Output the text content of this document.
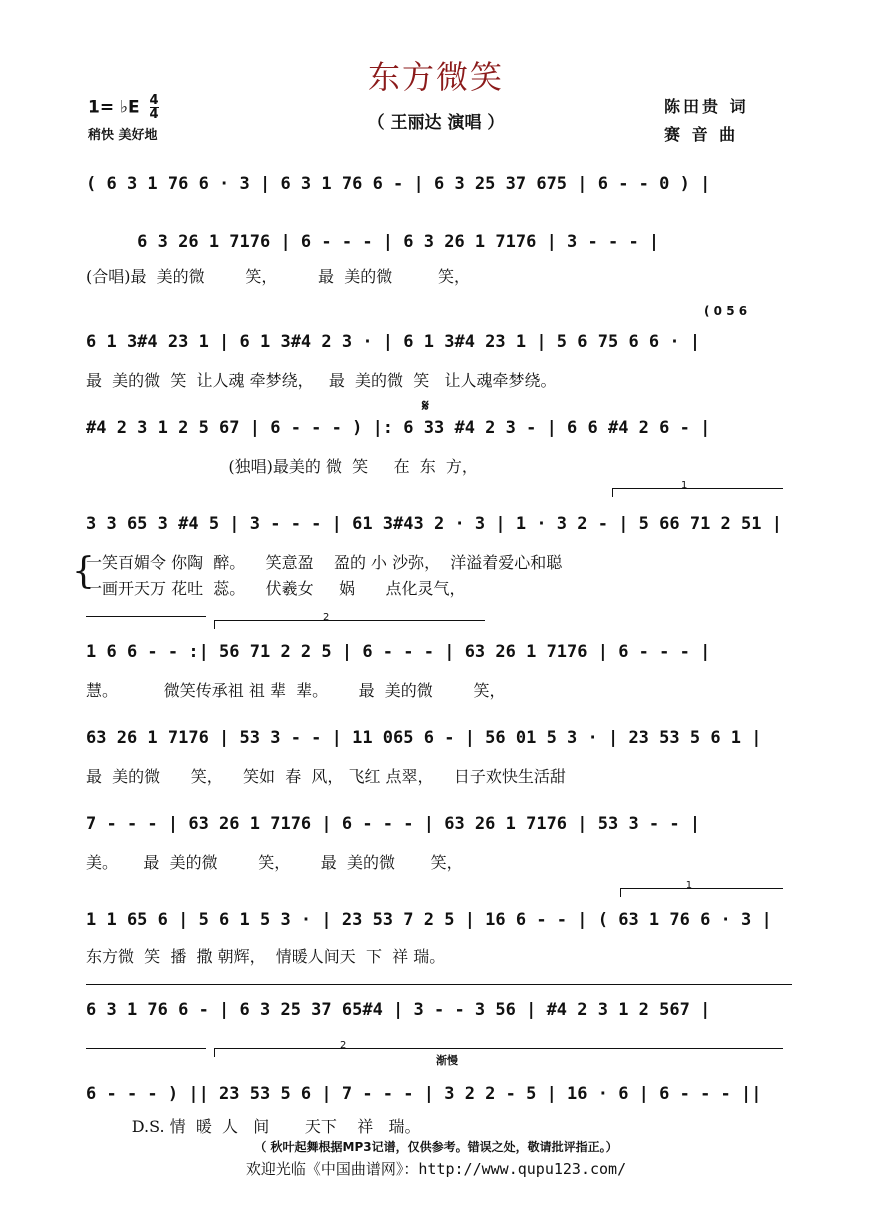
东方微笑
（ 王丽达 演唱 ）
1= ♭E $\frac{4}{4}$
稍快 美好地
陈田贵 词
赛 音 曲
( 6 3 1 76 6 · 3 | 6 3 1 76 6 - | 6 3 25 37 675 | 6 - - 0 ) |
6 3 26 1 7176 | 6 - - - | 6 3 26 1 7176 | 3 - - - |
(合唱)最  美的微        笑，        最  美的微         笑，
( 0 5 6
6 1 3#4 23 1 | 6 1 3#4 2 3 · | 6 1 3#4 23 1 | 5 6 75 6 6 · |
最  美的微  笑  让人魂 牵梦绕，   最  美的微  笑   让人魂牵梦绕。
𝄋
#4 2 3 1 2 5 67 | 6 - - - ) |: 6 33 #4 2 3 - | 6 6 #4 2 6 - |
(独唱)最美的 微  笑     在  东  方，
1
3 3 65 3 #4 5 | 3 - - - | 61 3#43 2 · 3 | 1 · 3 2 - | 5 66 71 2 51 |
{
一笑百媚令 你陶  醉。    笑意盈    盈的 小 沙弥，  洋溢着爱心和聪
一画开天万 花吐  蕊。    伏羲女     娲      点化灵气，
2
1 6 6 - - :| 56 71 2 2 5 | 6 - - - | 63 26 1 7176 | 6 - - - |
慧。         微笑传承祖 祖 辈  辈。      最  美的微        笑，
63 26 1 7176 | 53 3 - - | 11 065 6 - | 56 01 5 3 · | 23 53 5 6 1 |
最  美的微      笑，    笑如  春  风， 飞红 点翠，    日子欢快生活甜
7 - - - | 63 26 1 7176 | 6 - - - | 63 26 1 7176 | 53 3 - - |
美。     最  美的微        笑，      最  美的微       笑，
1
1 1 65 6 | 5 6 1 5 3 · | 23 53 7 2 5 | 16 6 - - | ( 63 1 76 6 · 3 |
东方微  笑  播  撒 朝辉，  情暖人间天  下  祥 瑞。
6 3 1 76 6 - | 6 3 25 37 65#4 | 3 - - 3 56 | #4 2 3 1 2 567 |
2
渐慢
6 - - - ) || 23 53 5 6 | 7 - - - | 3 2 2 - 5 | 16 · 6 | 6 - - - ||
D.S. 情  暖  人   间       天下    祥   瑞。
（ 秋叶起舞根据MP3记谱，仅供参考。错误之处，敬请批评指正。）
欢迎光临《中国曲谱网》：http://www.qupu123.com/
